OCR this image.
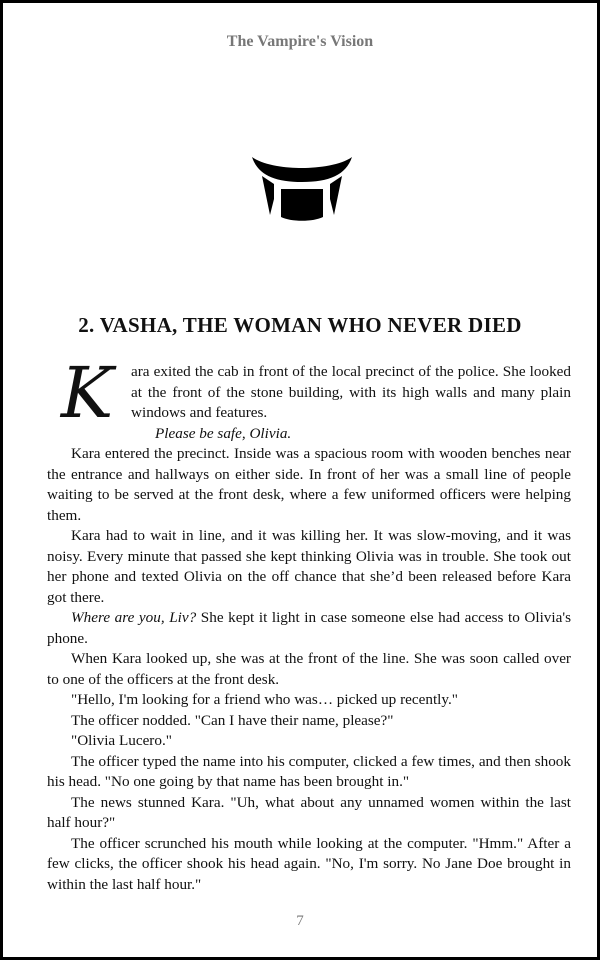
The Vampire's Vision
2. VASHA, THE WOMAN WHO NEVER DIED

K	ara exited the cab in front of the local precinct of the police. She looked at the front of the stone building, with its high walls and many plain windows and features.

Please be safe, Olivia.

Kara entered the precinct. Inside was a spacious room with wooden benches near the entrance and hallways on either side. In front of her was a small line of people waiting to be served at the front desk, where a few uniformed officers were helping them.

Kara had to wait in line, and it was killing her. It was slow-moving, and it was noisy. Every minute that passed she kept thinking Olivia was in trouble. She took out her phone and texted Olivia on the off chance that she’d been released before Kara got there.

Where are you, Liv? She kept it light in case someone else had access to Olivia's phone.

When Kara looked up, she was at the front of the line. She was soon called over to one of the officers at the front desk.

"Hello, I'm looking for a friend who was… picked up recently."

The officer nodded. "Can I have their name, please?"

"Olivia Lucero."

The officer typed the name into his computer, clicked a few times, and then shook his head. "No one going by that name has been brought in."

The news stunned Kara. "Uh, what about any unnamed women within the last half hour?"

The officer scrunched his mouth while looking at the computer. "Hmm." After a few clicks, the officer shook his head again. "No, I'm sorry. No Jane Doe brought in within the last half hour."

7
